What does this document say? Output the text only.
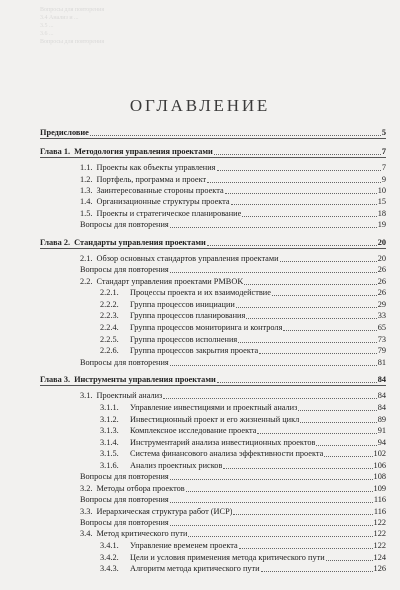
Вопросы для повторения
3.4 Анализ и ...
3.5 ...
3.6 ...
Вопросы для повторения
ОГЛАВЛЕНИЕ
Предисловие	5
Глава 1. Методология управления проектами	7
1.1. Проекты как объекты управления	7
1.2. Портфель, программа и проект	9
1.3. Заинтересованные стороны проекта	10
1.4. Организационные структуры проекта	15
1.5. Проекты и стратегическое планирование	18
Вопросы для повторения	19
Глава 2. Стандарты управления проектами	20
2.1. Обзор основных стандартов управления проектами	20
Вопросы для повторения	26
2.2. Стандарт управления проектами PMBOK	26
2.2.1. Процессы проекта и их взаимодействие	26
2.2.2. Группа процессов инициации	29
2.2.3. Группа процессов планирования	33
2.2.4. Группа процессов мониторинга и контроля	65
2.2.5. Группа процессов исполнения	73
2.2.6. Группа процессов закрытия проекта	79
Вопросы для повторения	81
Глава 3. Инструменты управления проектами	84
3.1. Проектный анализ	84
3.1.1. Управление инвестициями и проектный анализ	84
3.1.2. Инвестиционный проект и его жизненный цикл	89
3.1.3. Комплексное исследование проекта	91
3.1.4. Инструментарий анализа инвестиционных проектов	94
3.1.5. Система финансового анализа эффективности проекта	102
3.1.6. Анализ проектных рисков	106
Вопросы для повторения	108
3.2. Методы отбора проектов	109
Вопросы для повторения	116
3.3. Иерархическая структура работ (ИСР)	116
Вопросы для повторения	122
3.4. Метод критического пути	122
3.4.1. Управление временем проекта	122
3.4.2. Цели и условия применения метода критического пути	124
3.4.3. Алгоритм метода критического пути	126
